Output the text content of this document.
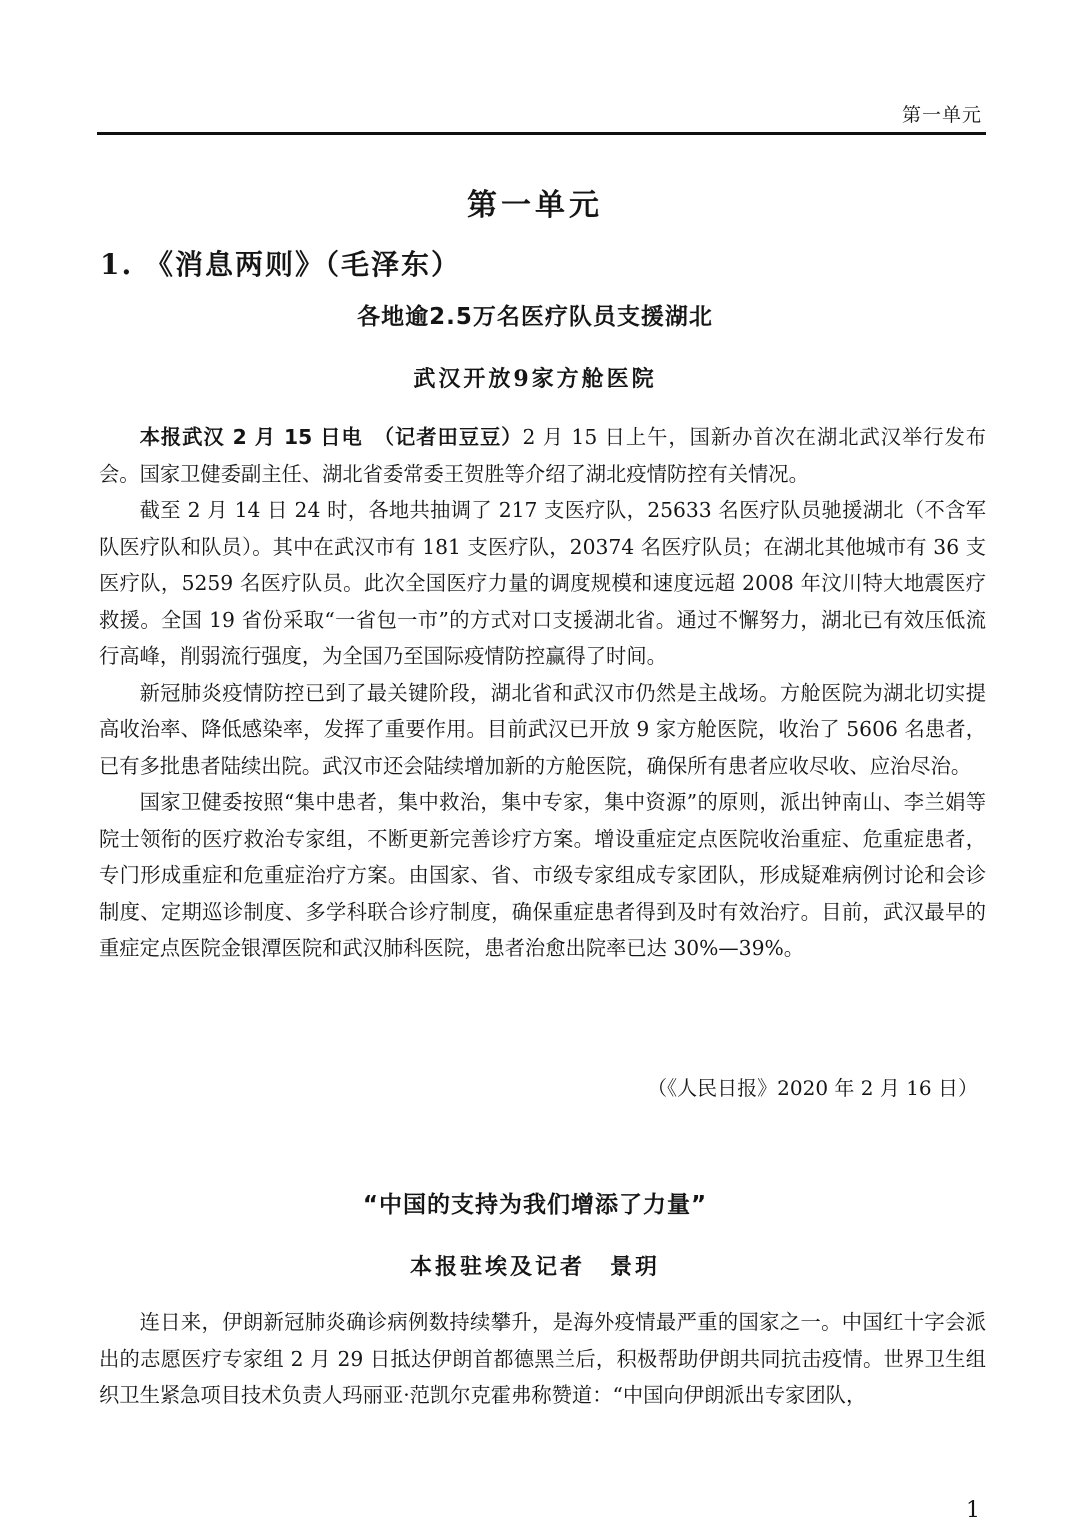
第一单元
第一单元
1. 《消息两则》（毛泽东）
各地逾2.5万名医疗队员支援湖北
武汉开放9家方舱医院

本报武汉 2 月 15 日电　（记者田豆豆）2 月 15 日上午，国新办首次在湖北武汉举行发布会。国家卫健委副主任、湖北省委常委王贺胜等介绍了湖北疫情防控有关情况。

截至 2 月 14 日 24 时，各地共抽调了 217 支医疗队，25633 名医疗队员驰援湖北（不含军队医疗队和队员）。其中在武汉市有 181 支医疗队，20374 名医疗队员；在湖北其他城市有 36 支医疗队，5259 名医疗队员。此次全国医疗力量的调度规模和速度远超 2008 年汶川特大地震医疗救援。全国 19 省份采取“一省包一市”的方式对口支援湖北省。通过不懈努力，湖北已有效压低流行高峰，削弱流行强度，为全国乃至国际疫情防控赢得了时间。

新冠肺炎疫情防控已到了最关键阶段，湖北省和武汉市仍然是主战场。方舱医院为湖北切实提高收治率、降低感染率，发挥了重要作用。目前武汉已开放 9 家方舱医院，收治了 5606 名患者，已有多批患者陆续出院。武汉市还会陆续增加新的方舱医院，确保所有患者应收尽收、应治尽治。

国家卫健委按照“集中患者，集中救治，集中专家，集中资源”的原则，派出钟南山、李兰娟等院士领衔的医疗救治专家组，不断更新完善诊疗方案。增设重症定点医院收治重症、危重症患者，专门形成重症和危重症治疗方案。由国家、省、市级专家组成专家团队，形成疑难病例讨论和会诊制度、定期巡诊制度、多学科联合诊疗制度，确保重症患者得到及时有效治疗。目前，武汉最早的重症定点医院金银潭医院和武汉肺科医院，患者治愈出院率已达 30%—39%。

（《人民日报》2020 年 2 月 16 日）
“中国的支持为我们增添了力量”
本报驻埃及记者　景玥

连日来，伊朗新冠肺炎确诊病例数持续攀升，是海外疫情最严重的国家之一。中国红十字会派出的志愿医疗专家组 2 月 29 日抵达伊朗首都德黑兰后，积极帮助伊朗共同抗击疫情。世界卫生组织卫生紧急项目技术负责人玛丽亚·范凯尔克霍弗称赞道：“中国向伊朗派出专家团队，

1
